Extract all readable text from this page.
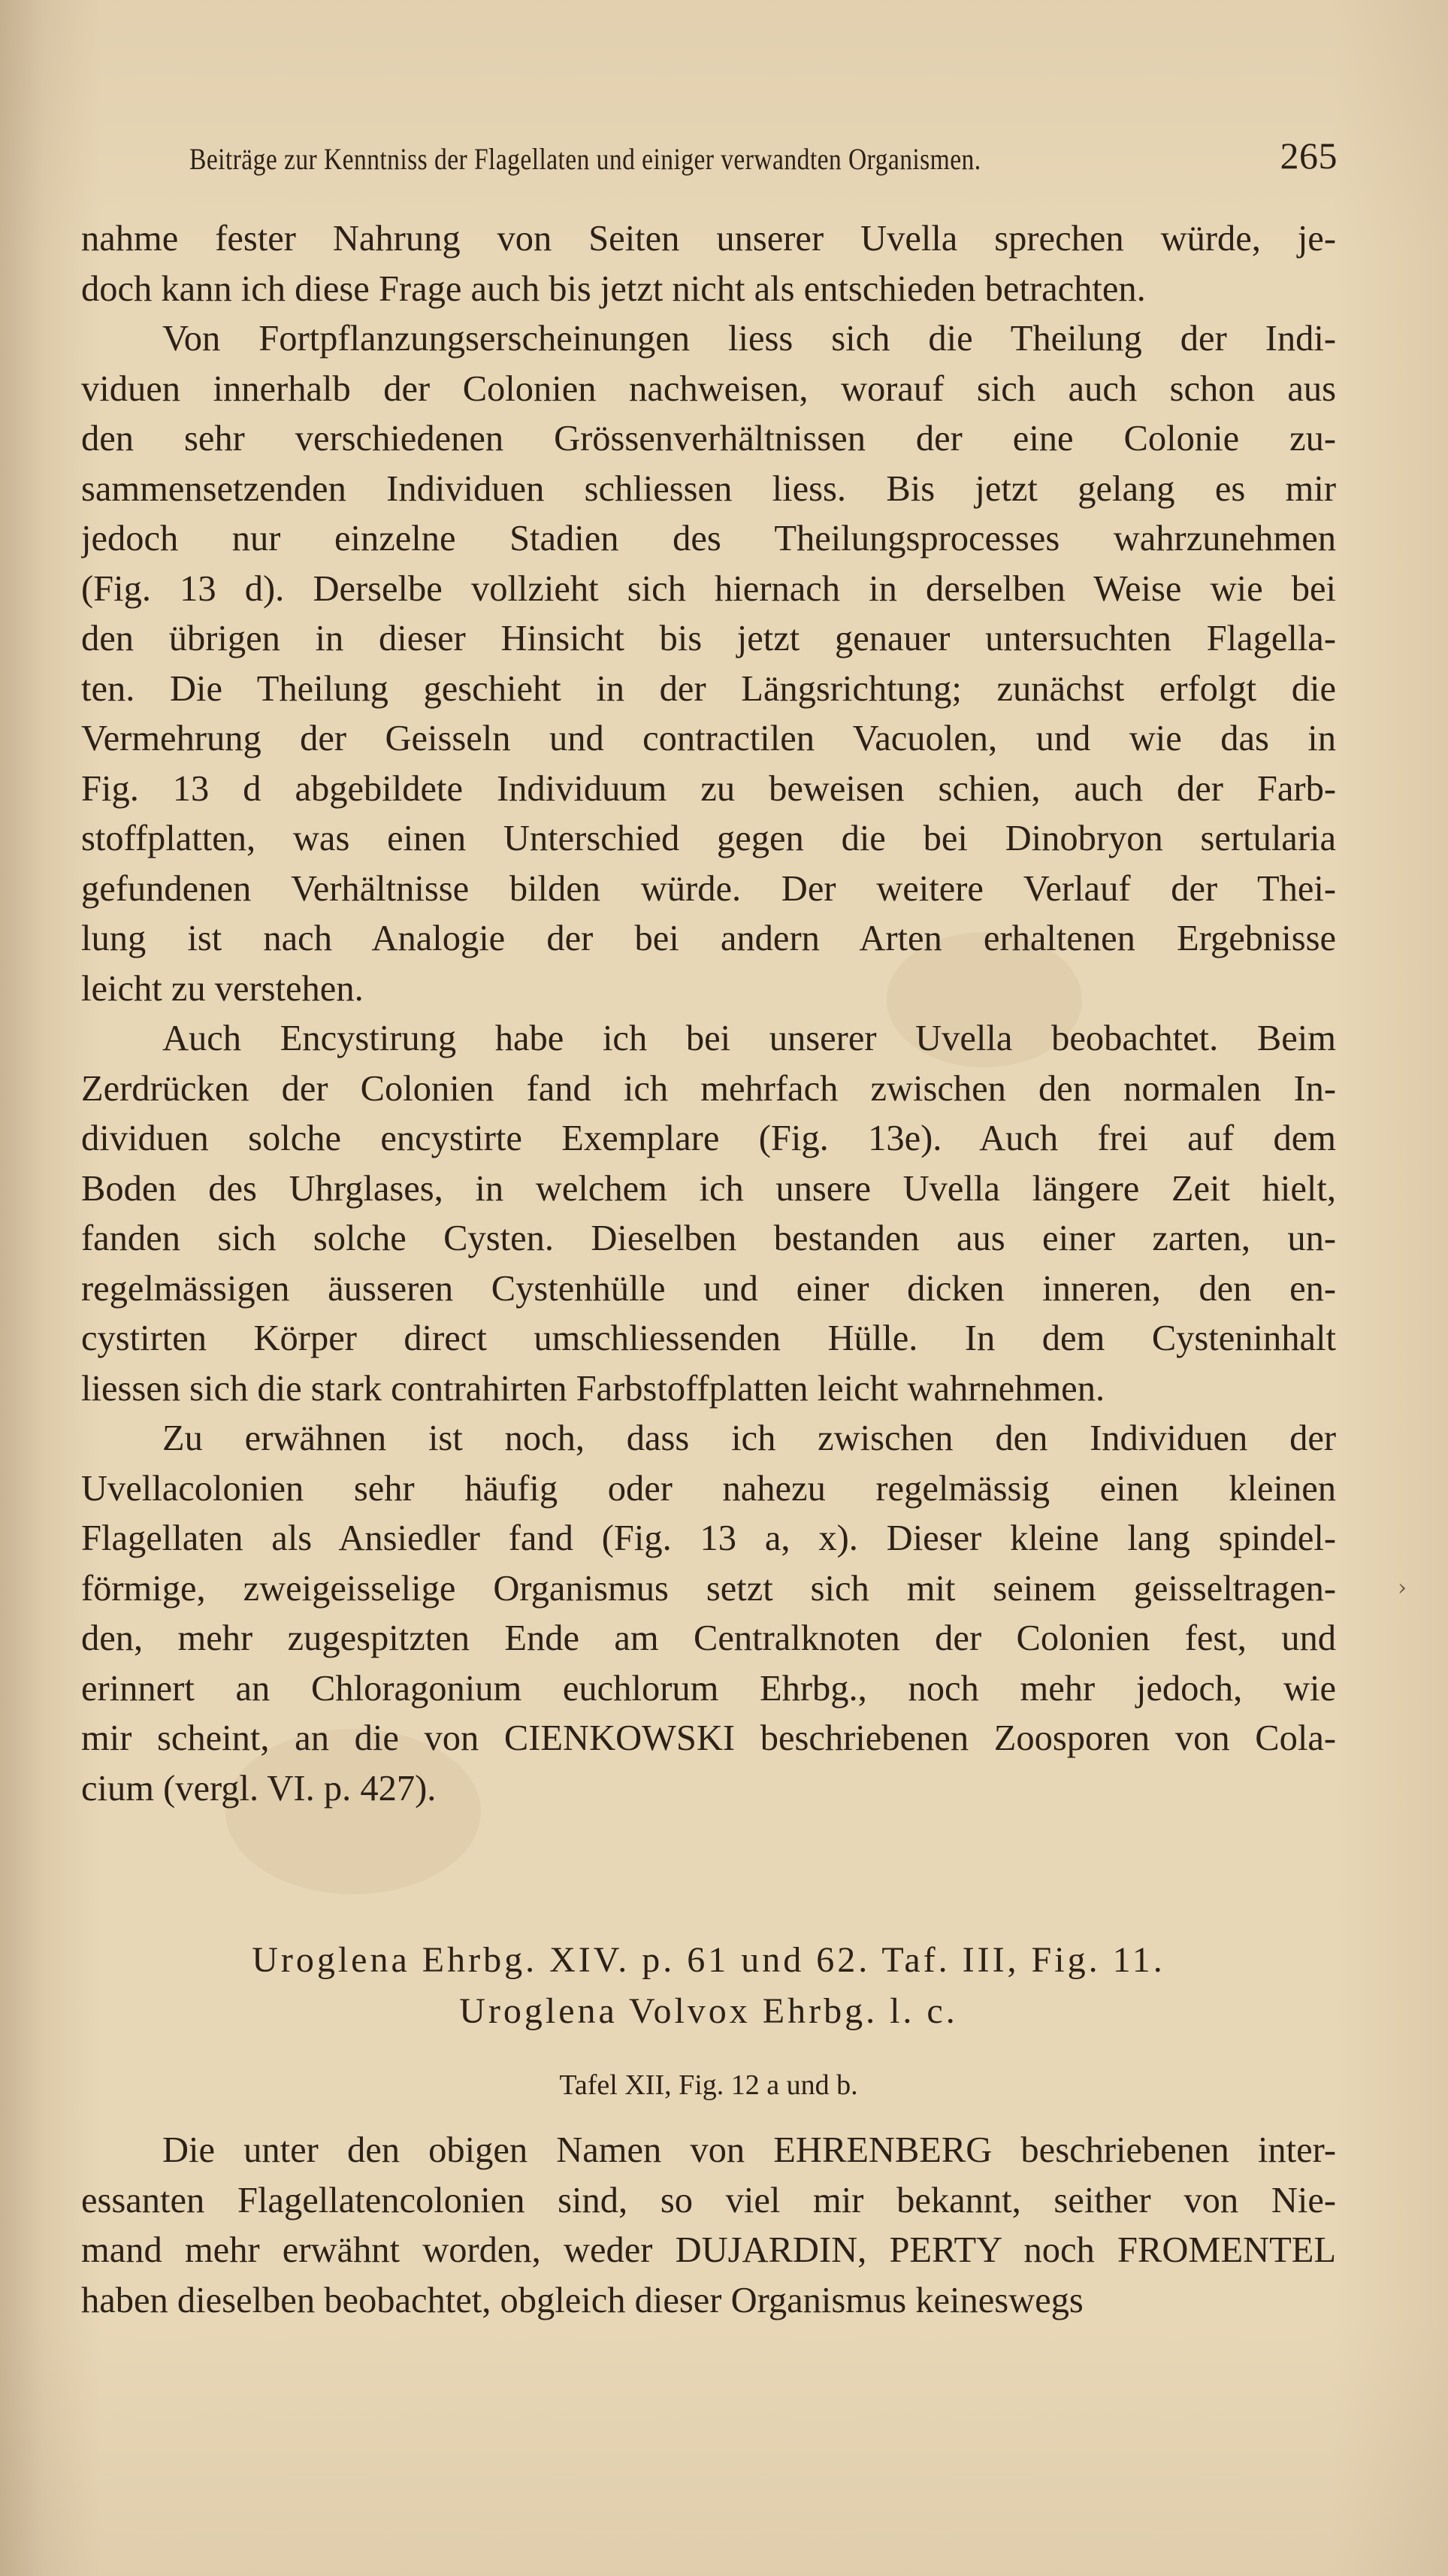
Beiträge zur Kenntniss der Flagellaten und einiger verwandten Organismen.	265
nahme fester Nahrung von Seiten unserer Uvella sprechen würde, je-
doch kann ich diese Frage auch bis jetzt nicht als entschieden betrachten.
Von Fortpflanzungserscheinungen liess sich die Theilung der Indi-
viduen innerhalb der Colonien nachweisen, worauf sich auch schon aus
den sehr verschiedenen Grössenverhältnissen der eine Colonie zu-
sammensetzenden Individuen schliessen liess. Bis jetzt gelang es mir
jedoch nur einzelne Stadien des Theilungsprocesses wahrzunehmen
(Fig. 13 d). Derselbe vollzieht sich hiernach in derselben Weise wie bei
den übrigen in dieser Hinsicht bis jetzt genauer untersuchten Flagella-
ten. Die Theilung geschieht in der Längsrichtung; zunächst erfolgt die
Vermehrung der Geisseln und contractilen Vacuolen, und wie das in
Fig. 13 d abgebildete Individuum zu beweisen schien, auch der Farb-
stoffplatten, was einen Unterschied gegen die bei Dinobryon sertularia
gefundenen Verhältnisse bilden würde. Der weitere Verlauf der Thei-
lung ist nach Analogie der bei andern Arten erhaltenen Ergebnisse
leicht zu verstehen.
Auch Encystirung habe ich bei unserer Uvella beobachtet. Beim
Zerdrücken der Colonien fand ich mehrfach zwischen den normalen In-
dividuen solche encystirte Exemplare (Fig. 13e). Auch frei auf dem
Boden des Uhrglases, in welchem ich unsere Uvella längere Zeit hielt,
fanden sich solche Cysten. Dieselben bestanden aus einer zarten, un-
regelmässigen äusseren Cystenhülle und einer dicken inneren, den en-
cystirten Körper direct umschliessenden Hülle. In dem Cysteninhalt
liessen sich die stark contrahirten Farbstoffplatten leicht wahrnehmen.
Zu erwähnen ist noch, dass ich zwischen den Individuen der
Uvellacolonien sehr häufig oder nahezu regelmässig einen kleinen
Flagellaten als Ansiedler fand (Fig. 13 a, x). Dieser kleine lang spindel-
förmige, zweigeisselige Organismus setzt sich mit seinem geisseltragen-
den, mehr zugespitzten Ende am Centralknoten der Colonien fest, und
erinnert an Chloragonium euchlorum Ehrbg., noch mehr jedoch, wie
mir scheint, an die von CIENKOWSKI beschriebenen Zoosporen von Cola-
cium (vergl. VI. p. 427).
Uroglena Ehrbg. XIV. p. 61 und 62. Taf. III, Fig. 11.
Uroglena Volvox Ehrbg. l. c.
Tafel XII, Fig. 12 a und b.
Die unter den obigen Namen von EHRENBERG beschriebenen inter-
essanten Flagellatencolonien sind, so viel mir bekannt, seither von Nie-
mand mehr erwähnt worden, weder DUJARDIN, PERTY noch FROMENTEL
haben dieselben beobachtet, obgleich dieser Organismus keineswegs
›
